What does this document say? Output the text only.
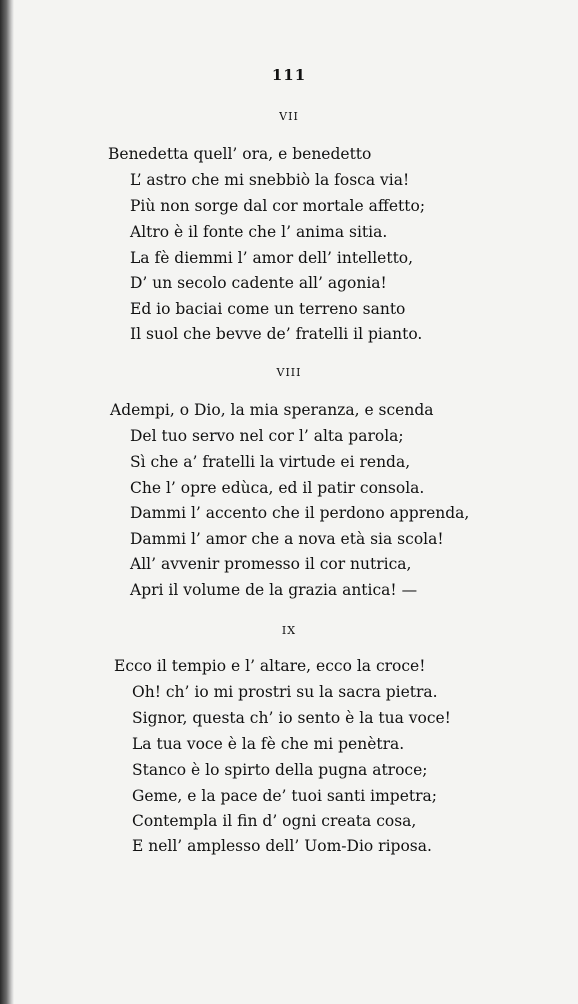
111
VII
Benedetta quell’ ora, e benedetto
L’ astro che mi snebbiò la fosca via!
Più non sorge dal cor mortale affetto;
Altro è il fonte che l’ anima sitia.
La fè diemmi l’ amor dell’ intelletto,
D’ un secolo cadente all’ agonia!
Ed io baciai come un terreno santo
Il suol che bevve de’ fratelli il pianto.
VIII
Adempi, o Dio, la mia speranza, e scenda
Del tuo servo nel cor l’ alta parola;
Sì che a’ fratelli la virtude ei renda,
Che l’ opre edùca, ed il patir consola.
Dammi l’ accento che il perdono apprenda,
Dammi l’ amor che a nova età sia scola!
All’ avvenir promesso il cor nutrica,
Apri il volume de la grazia antica! —
IX
Ecco il tempio e l’ altare, ecco la croce!
Oh! ch’ io mi prostri su la sacra pietra.
Signor, questa ch’ io sento è la tua voce!
La tua voce è la fè che mi penètra.
Stanco è lo spirto della pugna atroce;
Geme, e la pace de’ tuoi santi impetra;
Contempla il fin d’ ogni creata cosa,
E nell’ amplesso dell’ Uom-Dio riposa.
